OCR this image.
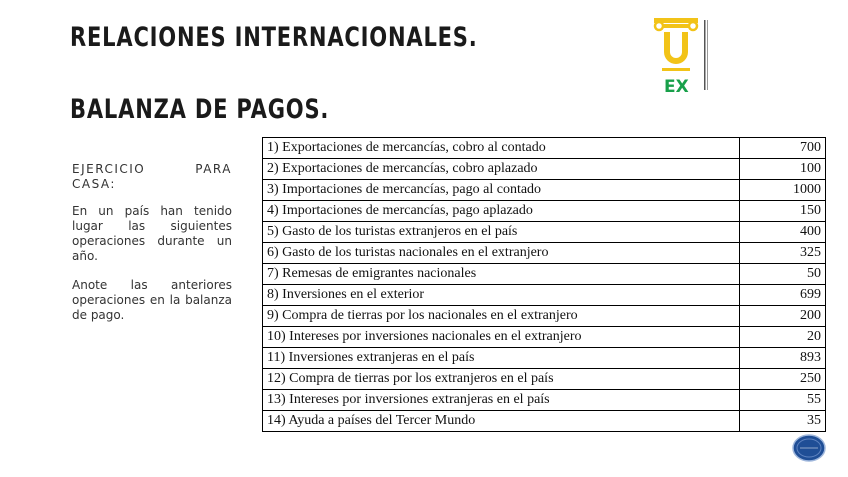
RELACIONES INTERNACIONALES.
BALANZA DE PAGOS.
EX
EJERCICIO PARA CASA:

En un país han tenido lugar las siguientes operaciones durante un año.

Anote las anteriores operaciones en la balanza de pago.

1) Exportaciones de mercancías, cobro al contado	700
2) Exportaciones de mercancías, cobro aplazado	100
3) Importaciones de mercancías, pago al contado	1000
4) Importaciones de mercancías, pago aplazado	150
5) Gasto de los turistas extranjeros en el país	400
6) Gasto de los turistas nacionales en el extranjero	325
7) Remesas de emigrantes nacionales	50
8) Inversiones en el exterior	699
9) Compra de tierras por los nacionales en el extranjero	200
10) Intereses por inversiones nacionales en el extranjero	20
11) Inversiones extranjeras en el país	893
12) Compra de tierras por los extranjeros en el país	250
13) Intereses por inversiones extranjeras en el país	55
14) Ayuda a países del Tercer Mundo	35
